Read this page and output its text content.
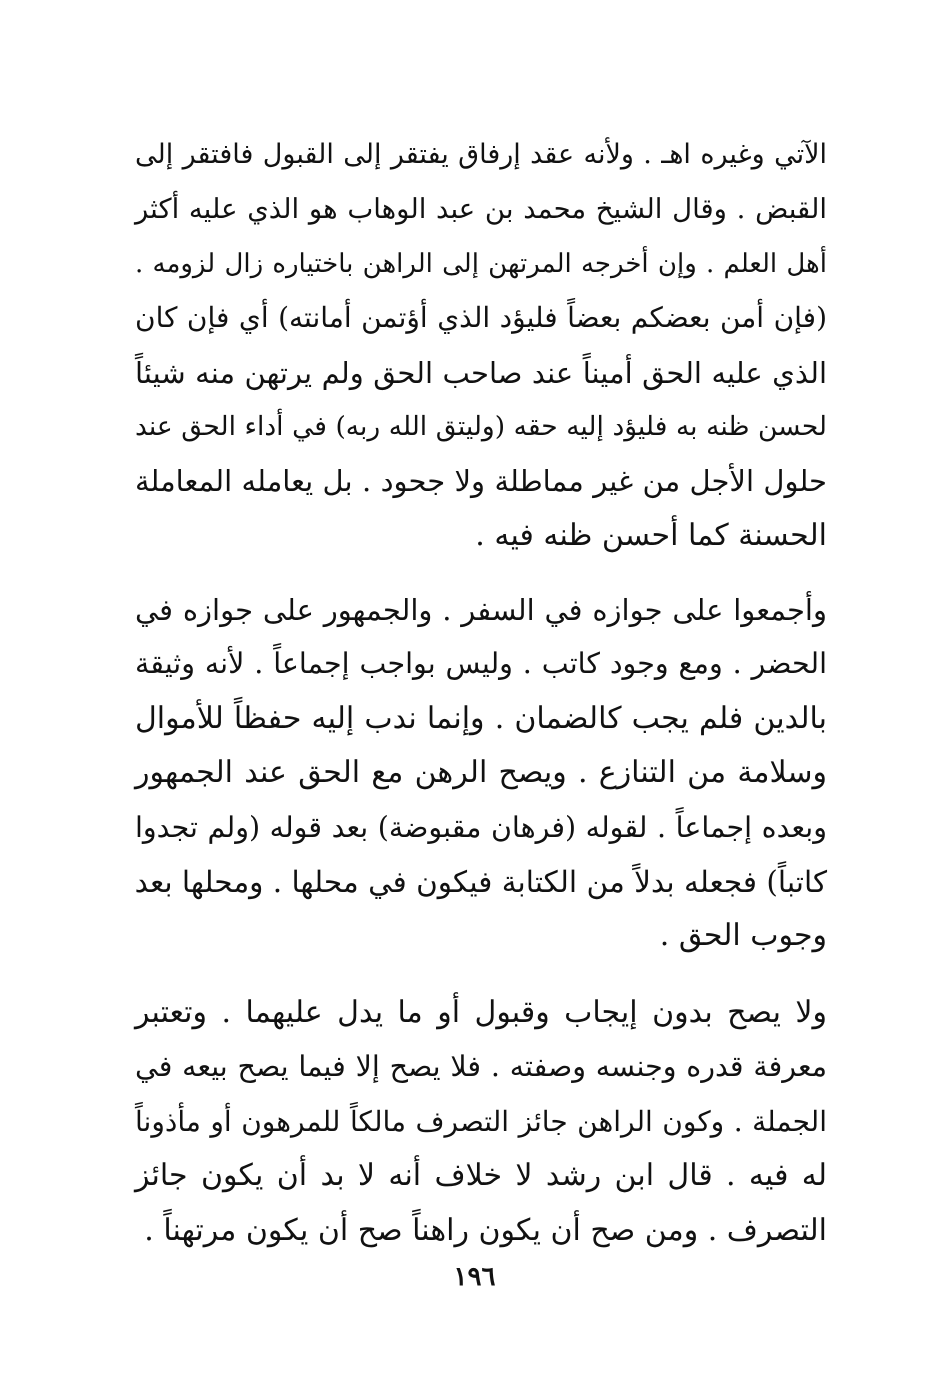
الآتي وغيره اهـ . ولأنه عقد إرفاق يفتقر إلى القبول فافتقر إلى
القبض . وقال الشيخ محمد بن عبد الوهاب هو الذي عليه أكثر
أهل العلم . وإن أخرجه المرتهن إلى الراهن باختياره زال لزومه .
(فإن أمن بعضكم بعضاً فليؤد الذي أؤتمن أمانته) أي فإن كان
الذي عليه الحق أميناً عند صاحب الحق ولم يرتهن منه شيئاً
لحسن ظنه به فليؤد إليه حقه (وليتق الله ربه) في أداء الحق عند
حلول الأجل من غير مماطلة ولا جحود . بل يعامله المعاملة
الحسنة كما أحسن ظنه فيه .
وأجمعوا على جوازه في السفر . والجمهور على جوازه في
الحضر . ومع وجود كاتب . وليس بواجب إجماعاً . لأنه وثيقة
بالدين فلم يجب كالضمان . وإنما ندب إليه حفظاً للأموال
وسلامة من التنازع . ويصح الرهن مع الحق عند الجمهور
وبعده إجماعاً . لقوله (فرهان مقبوضة) بعد قوله (ولم تجدوا
كاتباً) فجعله بدلاً من الكتابة فيكون في محلها . ومحلها بعد
وجوب الحق .
ولا يصح بدون إيجاب وقبول أو ما يدل عليهما . وتعتبر
معرفة قدره وجنسه وصفته . فلا يصح إلا فيما يصح بيعه في
الجملة . وكون الراهن جائز التصرف مالكاً للمرهون أو مأذوناً
له فيه . قال ابن رشد لا خلاف أنه لا بد أن يكون جائز
التصرف . ومن صح أن يكون راهناً صح أن يكون مرتهناً .
١٩٦
